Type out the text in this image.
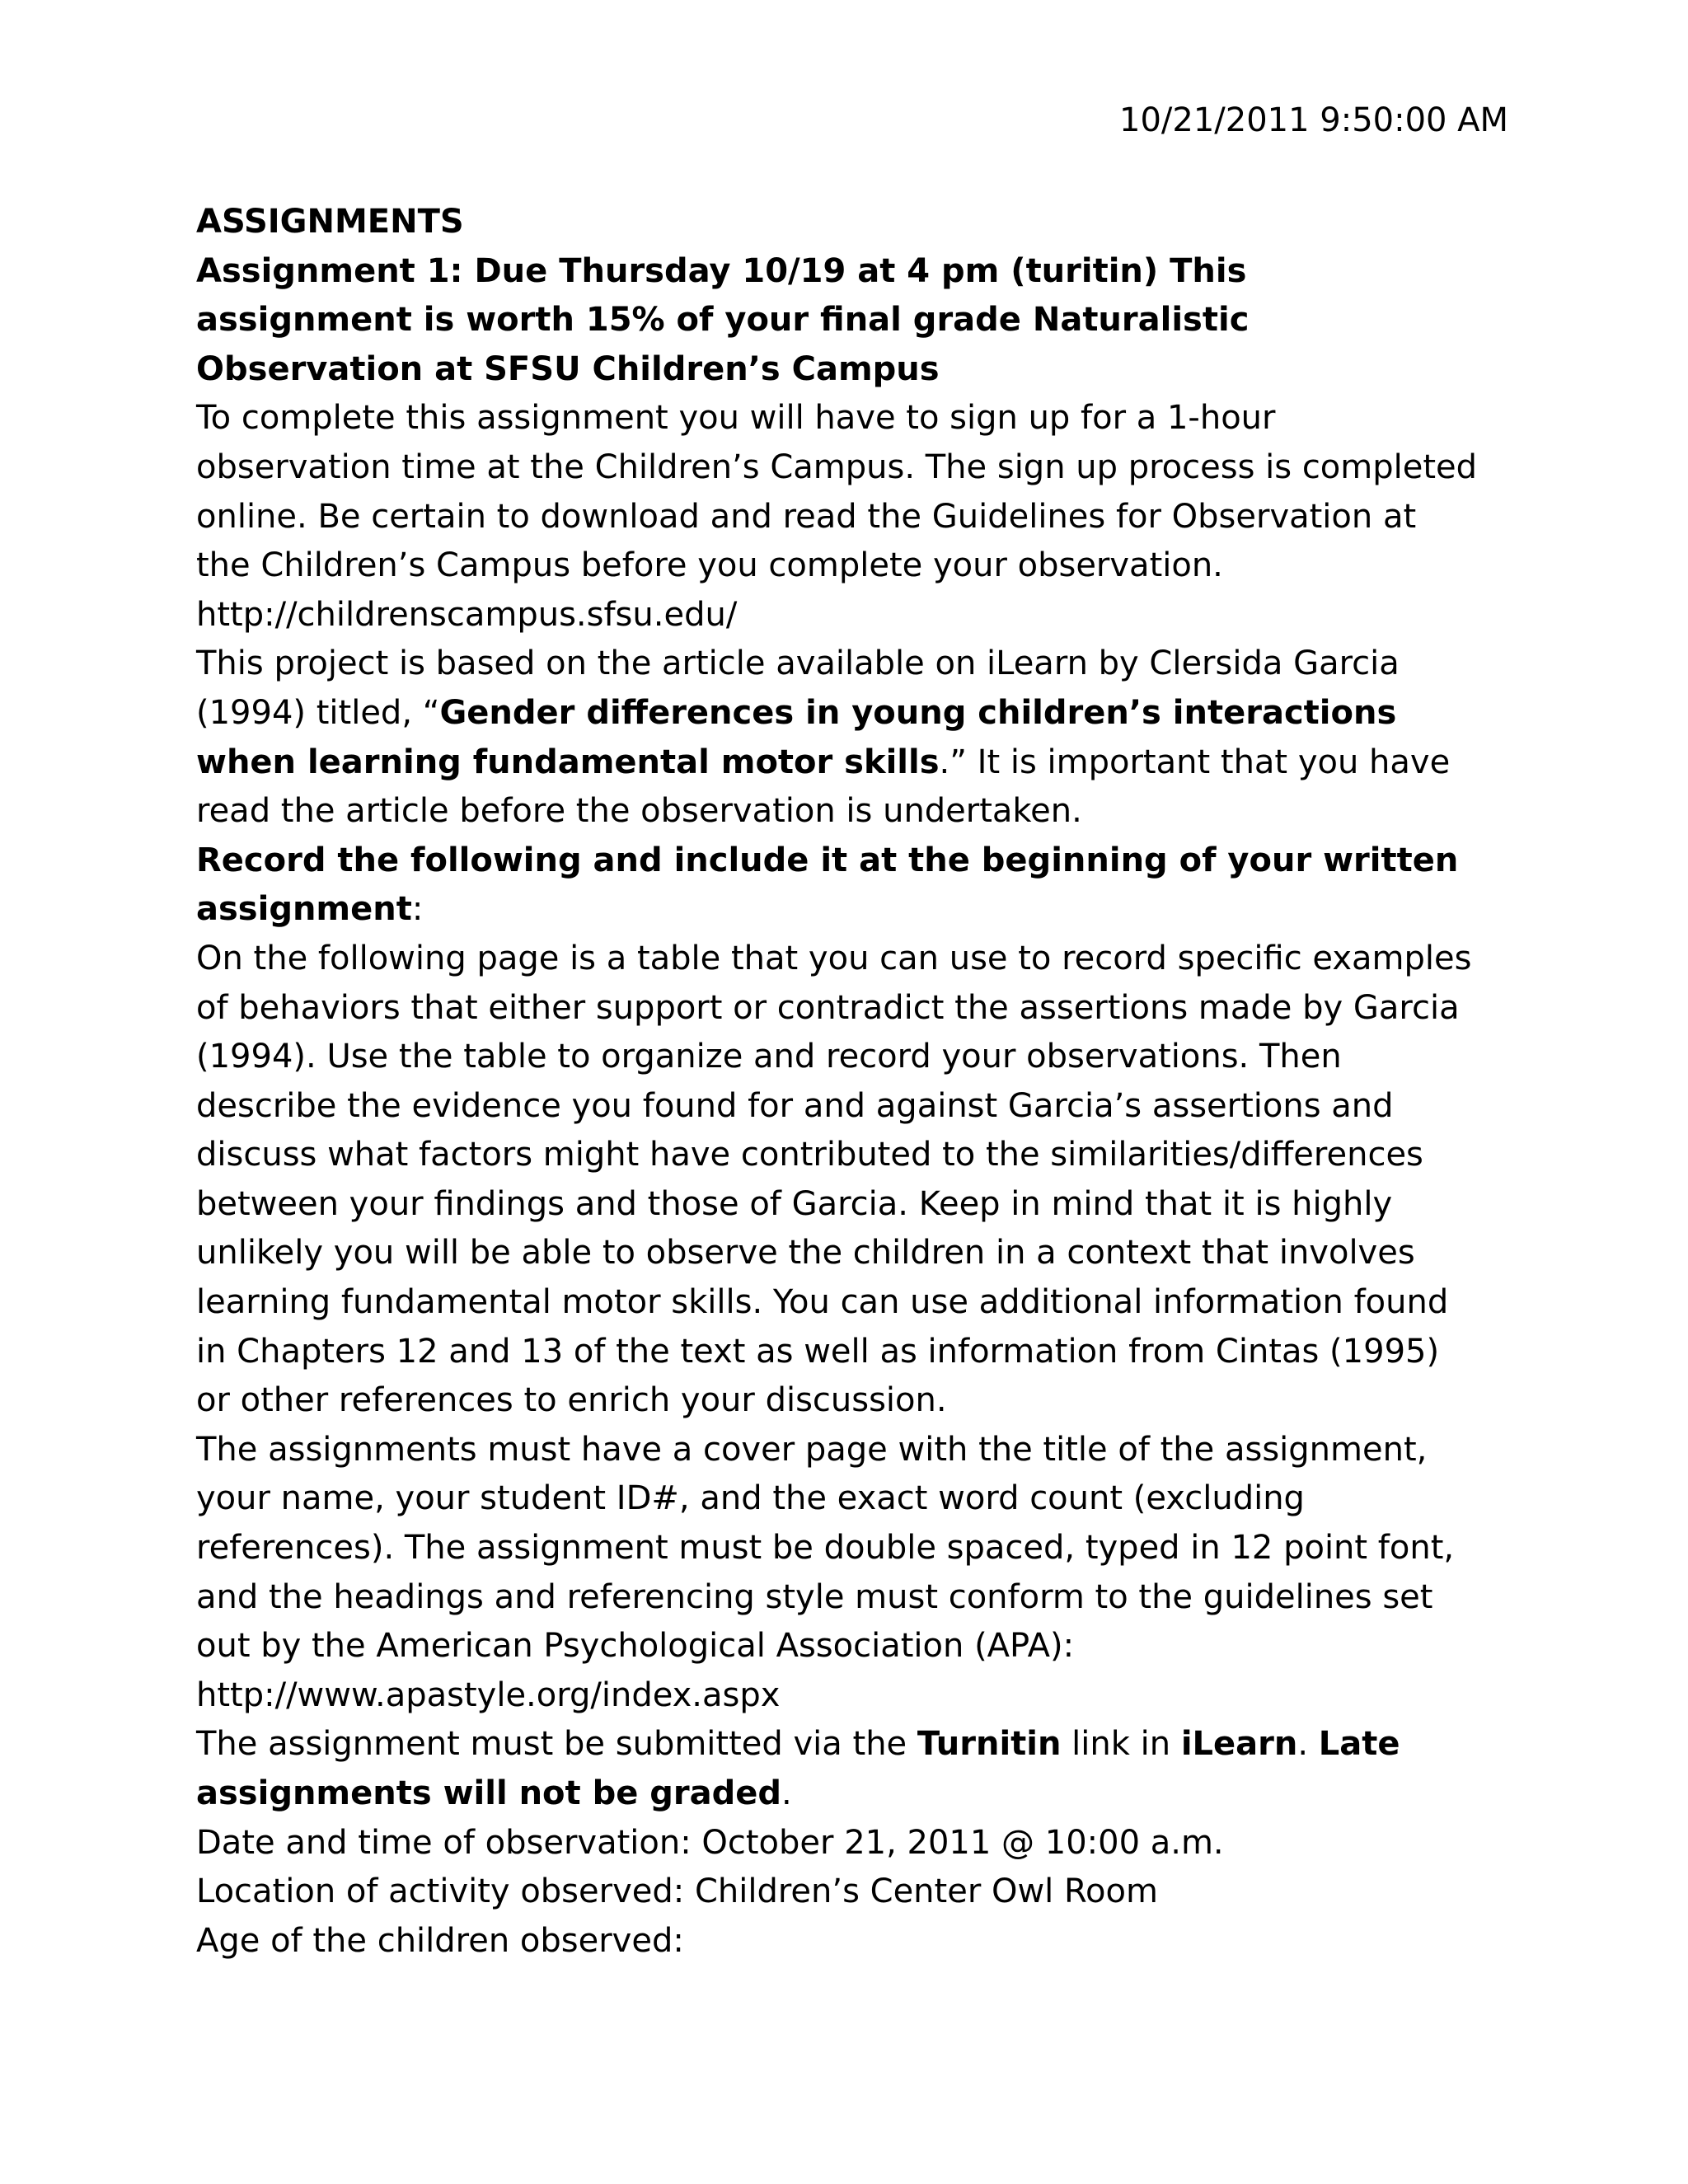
10/21/2011 9:50:00 AM
ASSIGNMENTS
Assignment 1: Due Thursday 10/19 at 4 pm (turitin) This
assignment is worth 15% of your final grade Naturalistic
Observation at SFSU Children’s Campus
To complete this assignment you will have to sign up for a 1-hour
observation time at the Children’s Campus. The sign up process is completed
online. Be certain to download and read the Guidelines for Observation at
the Children’s Campus before you complete your observation.
http://childrenscampus.sfsu.edu/
This project is based on the article available on iLearn by Clersida Garcia
(1994) titled, “Gender differences in young children’s interactions
when learning fundamental motor skills.” It is important that you have
read the article before the observation is undertaken.
Record the following and include it at the beginning of your written
assignment:
On the following page is a table that you can use to record specific examples
of behaviors that either support or contradict the assertions made by Garcia
(1994). Use the table to organize and record your observations. Then
describe the evidence you found for and against Garcia’s assertions and
discuss what factors might have contributed to the similarities/differences
between your findings and those of Garcia. Keep in mind that it is highly
unlikely you will be able to observe the children in a context that involves
learning fundamental motor skills. You can use additional information found
in Chapters 12 and 13 of the text as well as information from Cintas (1995)
or other references to enrich your discussion.
The assignments must have a cover page with the title of the assignment,
your name, your student ID#, and the exact word count (excluding
references). The assignment must be double spaced, typed in 12 point font,
and the headings and referencing style must conform to the guidelines set
out by the American Psychological Association (APA):
http://www.apastyle.org/index.aspx
The assignment must be submitted via the Turnitin link in iLearn. Late
assignments will not be graded.
Date and time of observation: October 21, 2011 @ 10:00 a.m.
Location of activity observed: Children’s Center Owl Room
Age of the children observed:
